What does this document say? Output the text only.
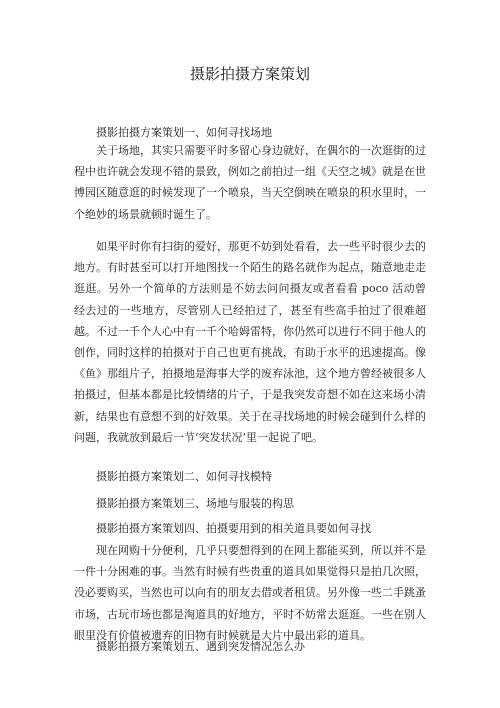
摄影拍摄方案策划
摄影拍摄方案策划一、如何寻找场地

关于场地，其实只需要平时多留心身边就好，在偶尔的一次逛街的过程中也许就会发现不错的景致，例如之前拍过一组《天空之城》就是在世博园区随意逛的时候发现了一个喷泉，当天空倒映在喷泉的积水里时，一个绝妙的场景就顿时诞生了。

如果平时你有扫街的爱好，那更不妨到处看看，去一些平时很少去的地方。有时甚至可以打开地图找一个陌生的路名就作为起点，随意地走走逛逛。另外一个简单的方法则是不妨去问问摄友或者看看 poco 活动曾经去过的一些地方，尽管别人已经拍过了，甚至有些高手拍过了很难超越。不过一千个人心中有一千个哈姆雷特，你仍然可以进行不同于他人的创作，同时这样的拍摄对于自己也更有挑战，有助于水平的迅速提高。像《鱼》那组片子，拍摄地是海事大学的废弃泳池，这个地方曾经被很多人拍摄过，但基本都是比较情绪的片子，于是我突发奇想不如在这来场小清新，结果也有意想不到的好效果。关于在寻找场地的时候会碰到什么样的问题，我就放到最后一节‘突发状况’里一起说了吧。

摄影拍摄方案策划二、如何寻找模特
摄影拍摄方案策划三、场地与服装的构思
摄影拍摄方案策划四、拍摄要用到的相关道具要如何寻找

现在网购十分便利，几乎只要想得到的在网上都能买到，所以并不是一件十分困难的事。当然有时候有些贵重的道具如果觉得只是拍几次照，没必要购买，当然也可以向有的朋友去借或者租赁。另外像一些二手跳蚤市场，古玩市场也都是淘道具的好地方，平时不妨常去逛逛。一些在别人眼里没有价值被遗弃的旧物有时候就是大片中最出彩的道具。

摄影拍摄方案策划五、遇到突发情况怎么办
